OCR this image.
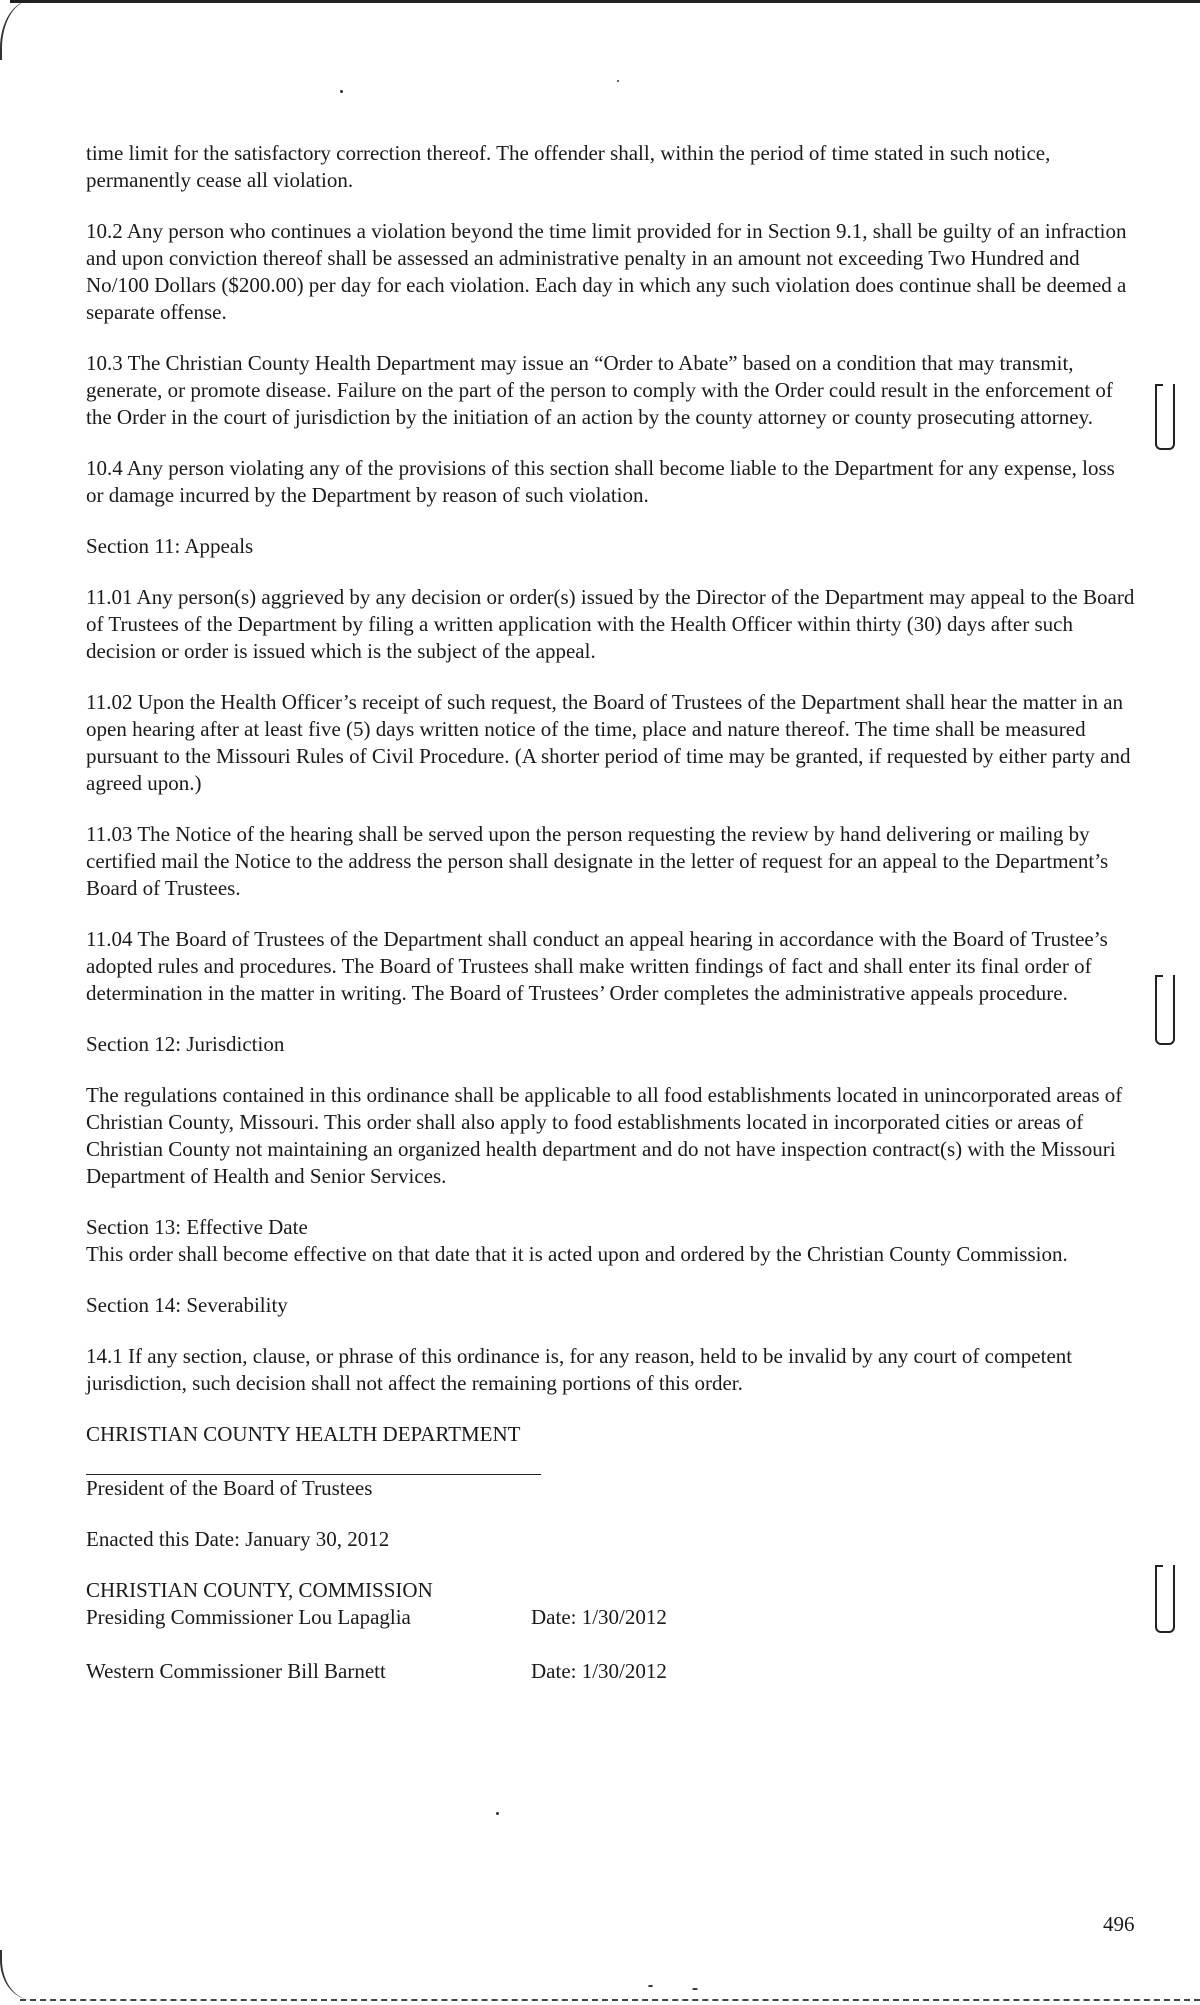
time limit for the satisfactory correction thereof. The offender shall, within the period of time stated in such notice, permanently cease all violation.

10.2 Any person who continues a violation beyond the time limit provided for in Section 9.1, shall be guilty of an infraction and upon conviction thereof shall be assessed an administrative penalty in an amount not exceeding Two Hundred and No/100 Dollars ($200.00) per day for each violation. Each day in which any such violation does continue shall be deemed a separate offense.

10.3 The Christian County Health Department may issue an “Order to Abate” based on a condition that may transmit, generate, or promote disease. Failure on the part of the person to comply with the Order could result in the enforcement of the Order in the court of jurisdiction by the initiation of an action by the county attorney or county prosecuting attorney.

10.4 Any person violating any of the provisions of this section shall become liable to the Department for any expense, loss or damage incurred by the Department by reason of such violation.

Section 11: Appeals

11.01 Any person(s) aggrieved by any decision or order(s) issued by the Director of the Department may appeal to the Board of Trustees of the Department by filing a written application with the Health Officer within thirty (30) days after such decision or order is issued which is the subject of the appeal.

11.02 Upon the Health Officer’s receipt of such request, the Board of Trustees of the Department shall hear the matter in an open hearing after at least five (5) days written notice of the time, place and nature thereof. The time shall be measured pursuant to the Missouri Rules of Civil Procedure. (A shorter period of time may be granted, if requested by either party and agreed upon.)

11.03 The Notice of the hearing shall be served upon the person requesting the review by hand delivering or mailing by certified mail the Notice to the address the person shall designate in the letter of request for an appeal to the Department’s Board of Trustees.

11.04 The Board of Trustees of the Department shall conduct an appeal hearing in accordance with the Board of Trustee’s adopted rules and procedures. The Board of Trustees shall make written findings of fact and shall enter its final order of determination in the matter in writing. The Board of Trustees’ Order completes the administrative appeals procedure.

Section 12: Jurisdiction

The regulations contained in this ordinance shall be applicable to all food establishments located in unincorporated areas of Christian County, Missouri. This order shall also apply to food establishments located in incorporated cities or areas of Christian County not maintaining an organized health department and do not have inspection contract(s) with the Missouri Department of Health and Senior Services.

Section 13: Effective Date

This order shall become effective on that date that it is acted upon and ordered by the Christian County Commission.

Section 14: Severability

14.1 If any section, clause, or phrase of this ordinance is, for any reason, held to be invalid by any court of competent jurisdiction, such decision shall not affect the remaining portions of this order.

CHRISTIAN COUNTY HEALTH DEPARTMENT

President of the Board of Trustees

Enacted this Date: January 30, 2012

CHRISTIAN COUNTY, COMMISSION

Presiding Commissioner Lou Lapaglia	Date: 1/30/2012
Western Commissioner Bill Barnett	Date: 1/30/2012
496
